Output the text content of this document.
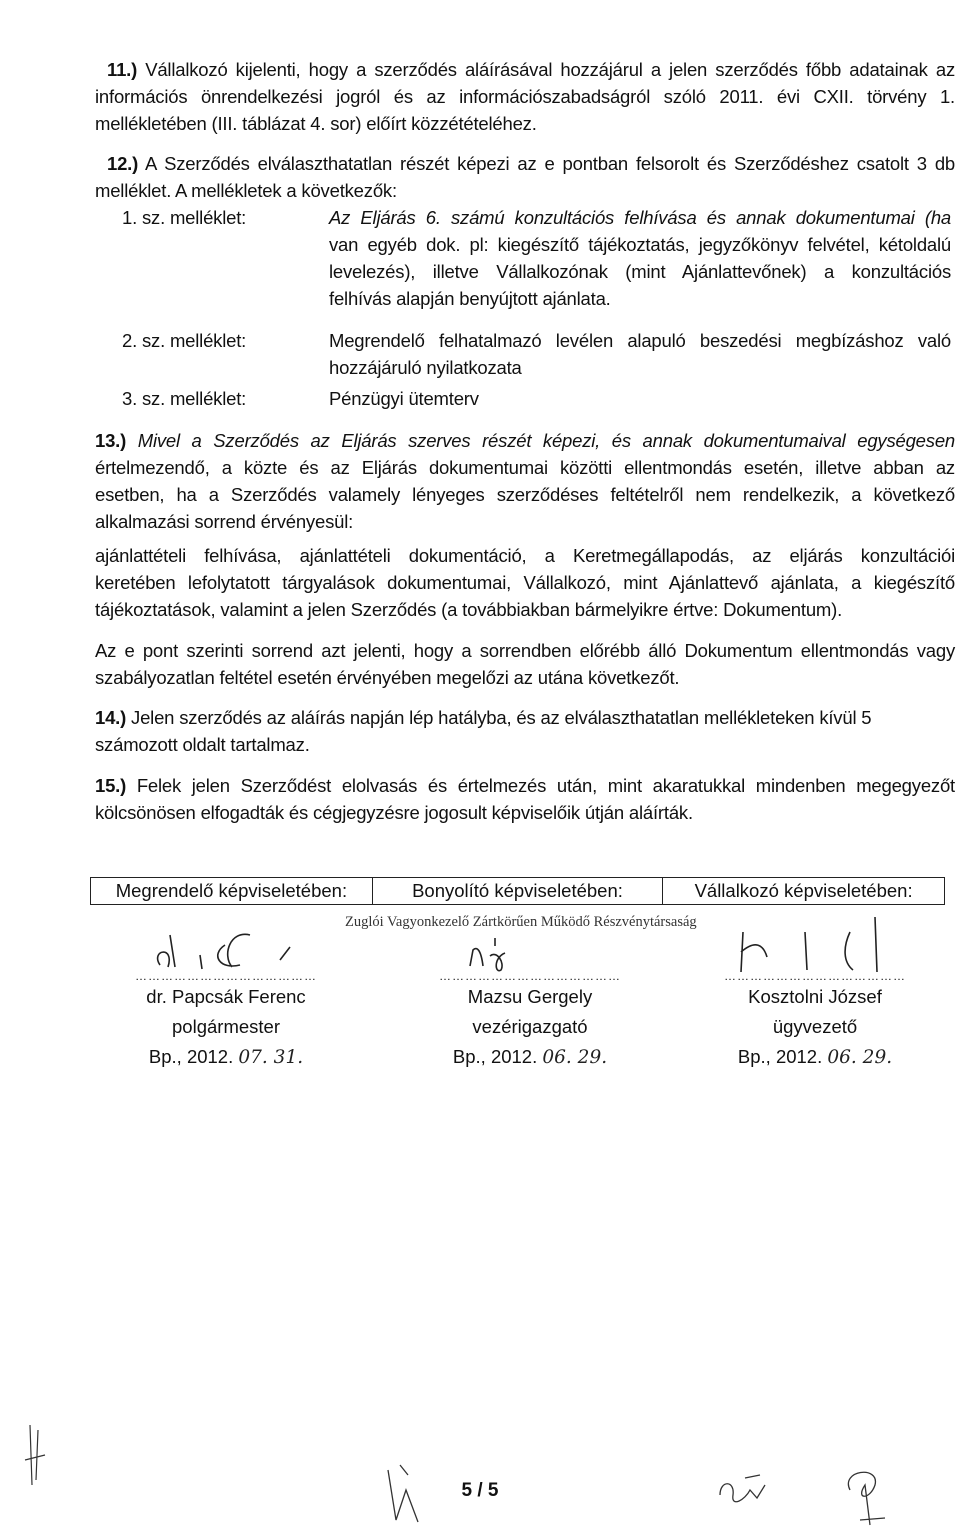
11.) Vállalkozó kijelenti, hogy a szerződés aláírásával hozzájárul a jelen szerződés főbb adatainak az
információs önrendelkezési jogról és az információszabadságról szóló 2011. évi CXII. törvény 1.
mellékletében (III. táblázat 4. sor) előírt közzétételéhez.
12.) A Szerződés elválaszthatatlan részét képezi az e pontban felsorolt és Szerződéshez csatolt 3 db
melléklet. A mellékletek a következők:
1. sz. melléklet:	Az Eljárás 6. számú konzultációs felhívása és annak dokumentumai (ha
van egyéb dok. pl: kiegészítő tájékoztatás, jegyzőkönyv felvétel, kétoldalú
levelezés), illetve Vállalkozónak (mint Ajánlattevőnek) a konzultációs
felhívás alapján benyújtott ajánlata.
2. sz. melléklet:	Megrendelő felhatalmazó levélen alapuló beszedési megbízáshoz való
hozzájáruló nyilatkozata
3. sz. melléklet:	Pénzügyi ütemterv
13.) Mivel a Szerződés az Eljárás szerves részét képezi, és annak dokumentumaival egységesen
értelmezendő, a közte és az Eljárás dokumentumai közötti ellentmondás esetén, illetve abban az
esetben, ha a Szerződés valamely lényeges szerződéses feltételről nem rendelkezik, a következő
alkalmazási sorrend érvényesül:
ajánlattételi felhívása, ajánlattételi dokumentáció, a Keretmegállapodás, az eljárás konzultációi
keretében lefolytatott tárgyalások dokumentumai, Vállalkozó, mint Ajánlattevő ajánlata, a kiegészítő
tájékoztatások, valamint a jelen Szerződés (a továbbiakban bármelyikre értve: Dokumentum).
Az e pont szerinti sorrend azt jelenti, hogy a sorrendben előrébb álló Dokumentum ellentmondás vagy
szabályozatlan feltétel esetén érvényében megelőzi az utána következőt.
14.) Jelen szerződés az aláírás napján lép hatályba, és az elválaszthatatlan mellékleteken kívül 5
számozott oldalt tartalmaz.
15.) Felek jelen Szerződést elolvasás és értelmezés után, mint akaratukkal mindenben megegyezőt
kölcsönösen elfogadták és cégjegyzésre jogosult képviselőik útján aláírták.
Megrendelő képviseletében:	Bonyolító képviseletében:	Vállalkozó képviseletében:
Zuglói Vagyonkezelő Zártkörűen Működő Részvénytársaság
……………………………………
dr. Papcsák Ferenc
polgármester
Bp., 2012. 07. 31.
……………………………………
Mazsu Gergely
vezérigazgató
Bp., 2012. 06. 29.
……………………………………
Kosztolni József
ügyvezető
Bp., 2012. 06. 29.
5 / 5
